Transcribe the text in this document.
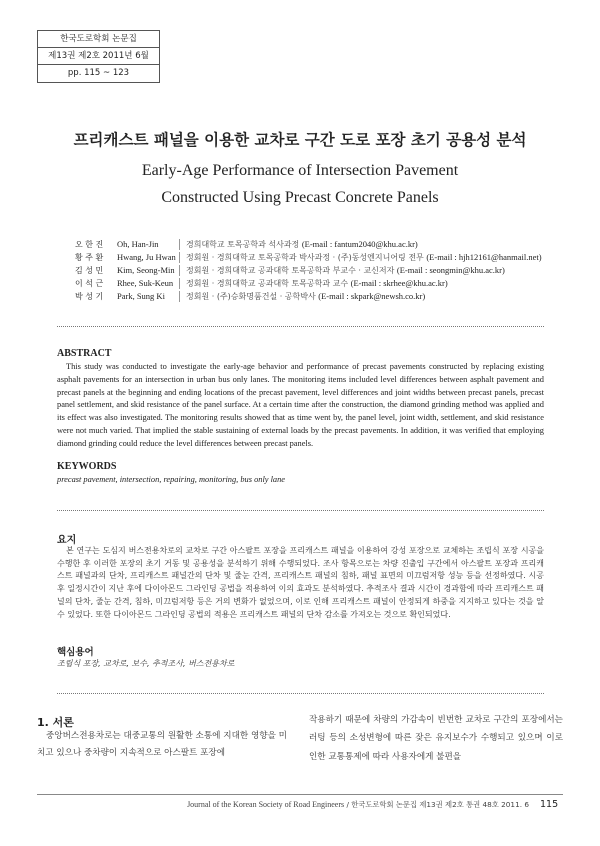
한국도로학회 논문집
제13권 제2호 2011년 6월
pp. 115 ~ 123
프리캐스트 패널을 이용한 교차로 구간 도로 포장 초기 공용성 분석
Early-Age Performance of Intersection Pavement
Constructed Using Precast Concrete Panels
오 한 진	Oh, Han-Jin	경희대학교 토목공학과 석사과정 (E-mail : fantum2040@khu.ac.kr)
황 주 환	Hwang, Ju Hwan	정회원 · 경희대학교 토목공학과 박사과정 · (주)동성엔지니어링 전무 (E-mail : hjh12161@hanmail.net)
김 성 민	Kim, Seong-Min	정회원 · 경희대학교 공과대학 토목공학과 부교수 · 교신저자 (E-mail : seongmin@khu.ac.kr)
이 석 근	Rhee, Suk-Keun	정회원 · 경희대학교 공과대학 토목공학과 교수 (E-mail : skrhee@khu.ac.kr)
박 성 기	Park, Sung Ki	정회원 · (주)승화명품건설 · 공학박사 (E-mail : skpark@newsh.co.kr)
ABSTRACT
This study was conducted to investigate the early-age behavior and performance of precast pavements constructed by replacing existing asphalt pavements for an intersection in urban bus only lanes. The monitoring items included level differences between asphalt pavement and precast panels at the beginning and ending locations of the precast pavement, level differences and joint widths between precast panels, precast panel settlement, and skid resistance of the panel surface. At a certain time after the construction, the diamond grinding method was applied and its effect was also investigated. The monitoring results showed that as time went by, the panel level, joint width, settlement, and skid resistance were not much varied. That implied the stable sustaining of external loads by the precast pavements. In addition, it was verified that employing diamond grinding could reduce the level differences between precast panels.
KEYWORDS
precast pavement, intersection, repairing, monitoring, bus only lane
요지
본 연구는 도심지 버스전용차로의 교차로 구간 아스팔트 포장을 프리캐스트 패널을 이용하여 강성 포장으로 교체하는 조립식 포장 시공을 수행한 후 이러한 포장의 초기 거동 및 공용성을 분석하기 위해 수행되었다. 조사 항목으로는 차량 진출입 구간에서 아스팔트 포장과 프리캐스트 패널과의 단차, 프리캐스트 패널간의 단차 및 줄눈 간격, 프리캐스트 패널의 침하, 패널 표면의 미끄럼저항 성능 등을 선정하였다. 시공 후 일정시간이 지난 후에 다이아몬드 그라인딩 공법을 적용하여 이의 효과도 분석하였다. 추적조사 결과 시간이 경과함에 따라 프리캐스트 패널의 단차, 줄눈 간격, 침하, 미끄럼저항 등은 거의 변화가 없었으며, 이로 인해 프리캐스트 패널이 안정되게 하중을 지지하고 있다는 것을 알 수 있었다. 또한 다이아몬드 그라인딩 공법의 적용은 프리캐스트 패널의 단차 감소를 가져오는 것으로 확인되었다.
핵심용어
조립식 포장, 교차로, 보수, 추적조사, 버스전용차로
1. 서론
중앙버스전용차로는 대중교통의 원활한 소통에 지대한 영향을 미치고 있으나 중차량이 지속적으로 아스팔트 포장에
작용하기 때문에 차량의 가감속이 빈번한 교차로 구간의 포장에서는 러팅 등의 소성변형에 따른 잦은 유지보수가 수행되고 있으며 이로 인한 교통통제에 따라 사용자에게 불편을
Journal of the Korean Society of Road Engineers / 한국도로학회 논문집 제13권 제2호 통권 48호 2011. 6 115
